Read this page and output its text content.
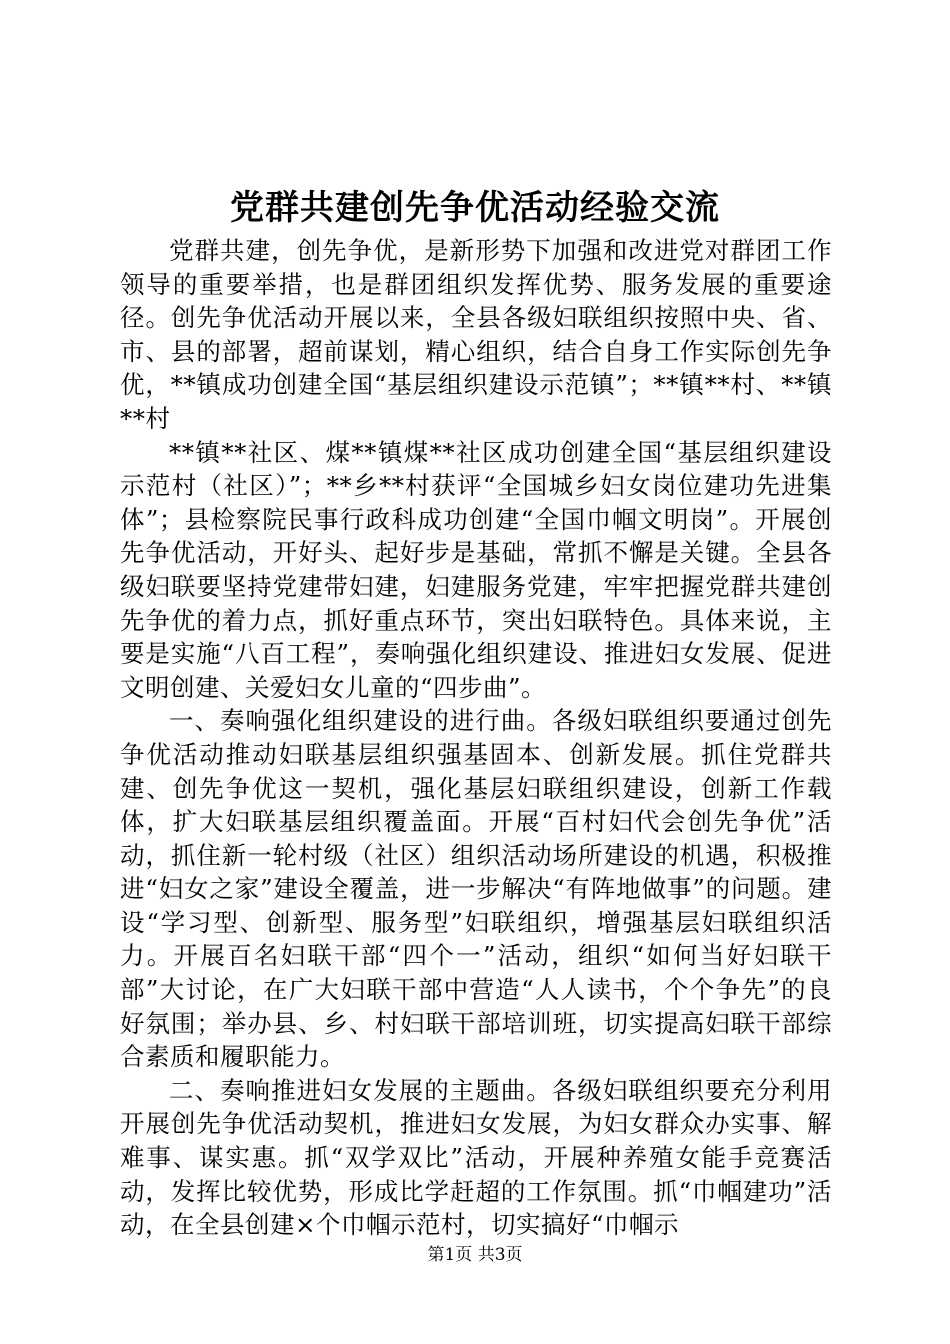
党群共建创先争优活动经验交流

党群共建，创先争优，是新形势下加强和改进党对群团工作领导的重要举措，也是群团组织发挥优势、服务发展的重要途径。创先争优活动开展以来，全县各级妇联组织按照中央、省、市、县的部署，超前谋划，精心组织，结合自身工作实际创先争优，**镇成功创建全国“基层组织建设示范镇”；**镇**村、**镇**村

**镇**社区、煤**镇煤**社区成功创建全国“基层组织建设示范村（社区）”；**乡**村获评“全国城乡妇女岗位建功先进集体”；县检察院民事行政科成功创建“全国巾帼文明岗”。开展创先争优活动，开好头、起好步是基础，常抓不懈是关键。全县各级妇联要坚持党建带妇建，妇建服务党建，牢牢把握党群共建创先争优的着力点，抓好重点环节，突出妇联特色。具体来说，主要是实施“八百工程”，奏响强化组织建设、推进妇女发展、促进文明创建、关爱妇女儿童的“四步曲”。

一、奏响强化组织建设的进行曲。各级妇联组织要通过创先争优活动推动妇联基层组织强基固本、创新发展。抓住党群共建、创先争优这一契机，强化基层妇联组织建设，创新工作载体，扩大妇联基层组织覆盖面。开展“百村妇代会创先争优”活动，抓住新一轮村级（社区）组织活动场所建设的机遇，积极推进“妇女之家”建设全覆盖，进一步解决“有阵地做事”的问题。建设“学习型、创新型、服务型”妇联组织，增强基层妇联组织活力。开展百名妇联干部“四个一”活动，组织“如何当好妇联干部”大讨论，在广大妇联干部中营造“人人读书，个个争先”的良好氛围；举办县、乡、村妇联干部培训班，切实提高妇联干部综合素质和履职能力。

二、奏响推进妇女发展的主题曲。各级妇联组织要充分利用开展创先争优活动契机，推进妇女发展，为妇女群众办实事、解难事、谋实惠。抓“双学双比”活动，开展种养殖女能手竞赛活动，发挥比较优势，形成比学赶超的工作氛围。抓“巾帼建功”活动，在全县创建×个巾帼示范村，切实搞好“巾帼示

第1页 共3页
